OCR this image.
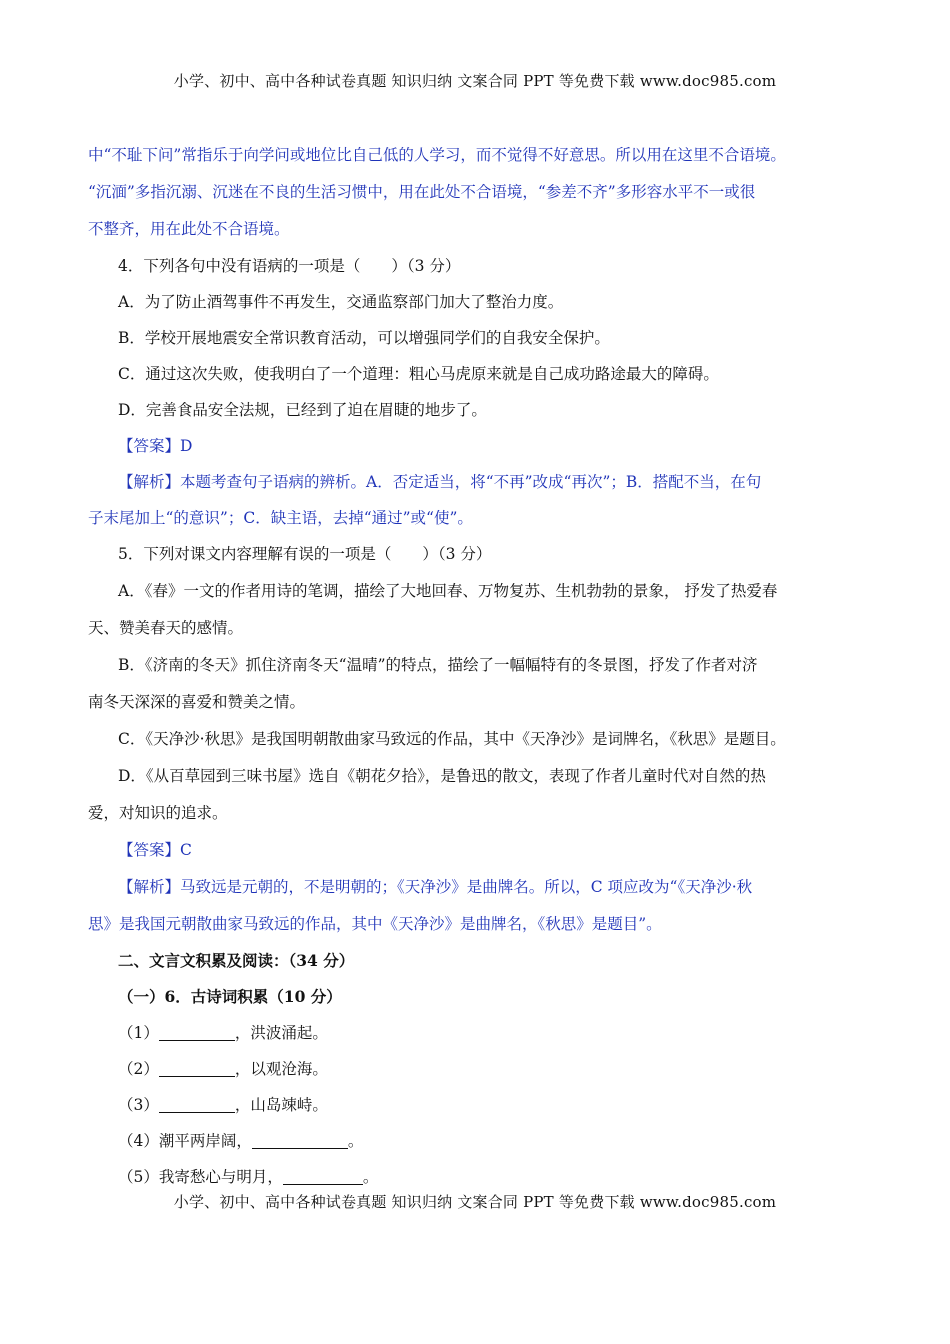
小学、初中、高中各种试卷真题 知识归纳 文案合同 PPT 等免费下载 www.doc985.com
中“不耻下问”常指乐于向学问或地位比自己低的人学习，而不觉得不好意思。所以用在这里不合语境。
“沉湎”多指沉溺、沉迷在不良的生活习惯中，用在此处不合语境，“参差不齐”多形容水平不一或很
不整齐，用在此处不合语境。
4．下列各句中没有语病的一项是（　　）（3 分）
A．为了防止酒驾事件不再发生，交通监察部门加大了整治力度。
B．学校开展地震安全常识教育活动，可以增强同学们的自我安全保护。
C．通过这次失败，使我明白了一个道理：粗心马虎原来就是自己成功路途最大的障碍。
D．完善食品安全法规，已经到了迫在眉睫的地步了。
【答案】D
【解析】本题考查句子语病的辨析。A．否定适当，将“不再”改成“再次”；B．搭配不当，在句
子末尾加上“的意识”；C．缺主语，去掉“通过”或“使”。
5．下列对课文内容理解有误的一项是（　　）（3 分）
A．《春》一文的作者用诗的笔调，描绘了大地回春、万物复苏、生机勃勃的景象， 抒发了热爱春
天、赞美春天的感情。
B．《济南的冬天》抓住济南冬天“温晴”的特点，描绘了一幅幅特有的冬景图，抒发了作者对济
南冬天深深的喜爱和赞美之情。
C．《天净沙·秋思》是我国明朝散曲家马致远的作品，其中《天净沙》是词牌名，《秋思》是题目。
D．《从百草园到三味书屋》选自《朝花夕拾》，是鲁迅的散文，表现了作者儿童时代对自然的热
爱，对知识的追求。
【答案】C
【解析】马致远是元朝的，不是明朝的；《天净沙》是曲牌名。所以，C 项应改为“《天净沙·秋
思》是我国元朝散曲家马致远的作品，其中《天净沙》是曲牌名，《秋思》是题目”。
二、文言文积累及阅读：（34 分）
（一）6．古诗词积累（10 分）
（1）	，洪波涌起。
（2）	，以观沧海。
（3）	，山岛竦峙。
（4）潮平两岸阔，	。
（5）我寄愁心与明月，	。
小学、初中、高中各种试卷真题 知识归纳 文案合同 PPT 等免费下载 www.doc985.com
